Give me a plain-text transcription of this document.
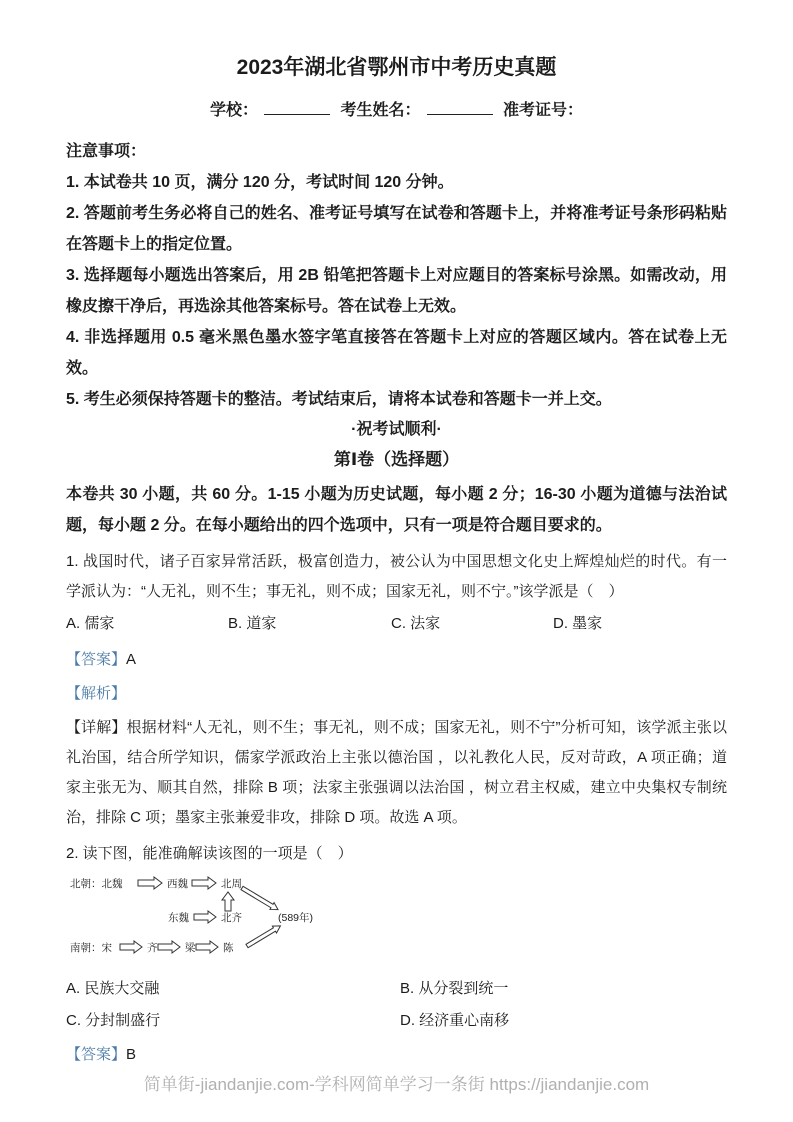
2023年湖北省鄂州市中考历史真题
学校：	考生姓名：	准考证号：

注意事项：

1. 本试卷共 10 页，满分 120 分，考试时间 120 分钟。

2. 答题前考生务必将自己的姓名、准考证号填写在试卷和答题卡上，并将准考证号条形码粘贴在答题卡上的指定位置。

3. 选择题每小题选出答案后，用 2B 铅笔把答题卡上对应题目的答案标号涂黑。如需改动，用橡皮擦干净后，再选涂其他答案标号。答在试卷上无效。

4. 非选择题用 0.5 毫米黑色墨水签字笔直接答在答题卡上对应的答题区域内。答在试卷上无效。

5. 考生必须保持答题卡的整洁。考试结束后，请将本试卷和答题卡一并上交。

·祝考试顺利·

第Ⅰ卷（选择题）

本卷共 30 小题，共 60 分。1-15 小题为历史试题，每小题 2 分；16-30 小题为道德与法治试题，每小题 2 分。在每小题给出的四个选项中，只有一项是符合题目要求的。

1. 战国时代，诸子百家异常活跃，极富创造力，被公认为中国思想文化史上辉煌灿烂的时代。有一学派认为：“人无礼，则不生；事无礼，则不成；国家无礼，则不宁。”该学派是（　）

A. 儒家	B. 道家	C. 法家	D. 墨家

【答案】A

【解析】

【详解】根据材料“人无礼，则不生；事无礼，则不成；国家无礼，则不宁”分析可知，该学派主张以礼治国，结合所学知识，儒家学派政治上主张以德治国 ，以礼教化人民，反对苛政，A 项正确；道家主张无为、顺其自然，排除 B 项；法家主张强调以法治国 ，树立君主权威，建立中央集权专制统治，排除 C 项；墨家主张兼爱非攻，排除 D 项。故选 A 项。

2. 读下图，能准确解读该图的一项是（　）

北朝：北魏	西魏	北周
东魏	北齐	(589年)
南朝：宋	齐	梁	陈
A. 民族大交融	B. 从分裂到统一
C. 分封制盛行	D. 经济重心南移

【答案】B

简单街-jiandanjie.com-学科网简单学习一条街 https://jiandanjie.com
